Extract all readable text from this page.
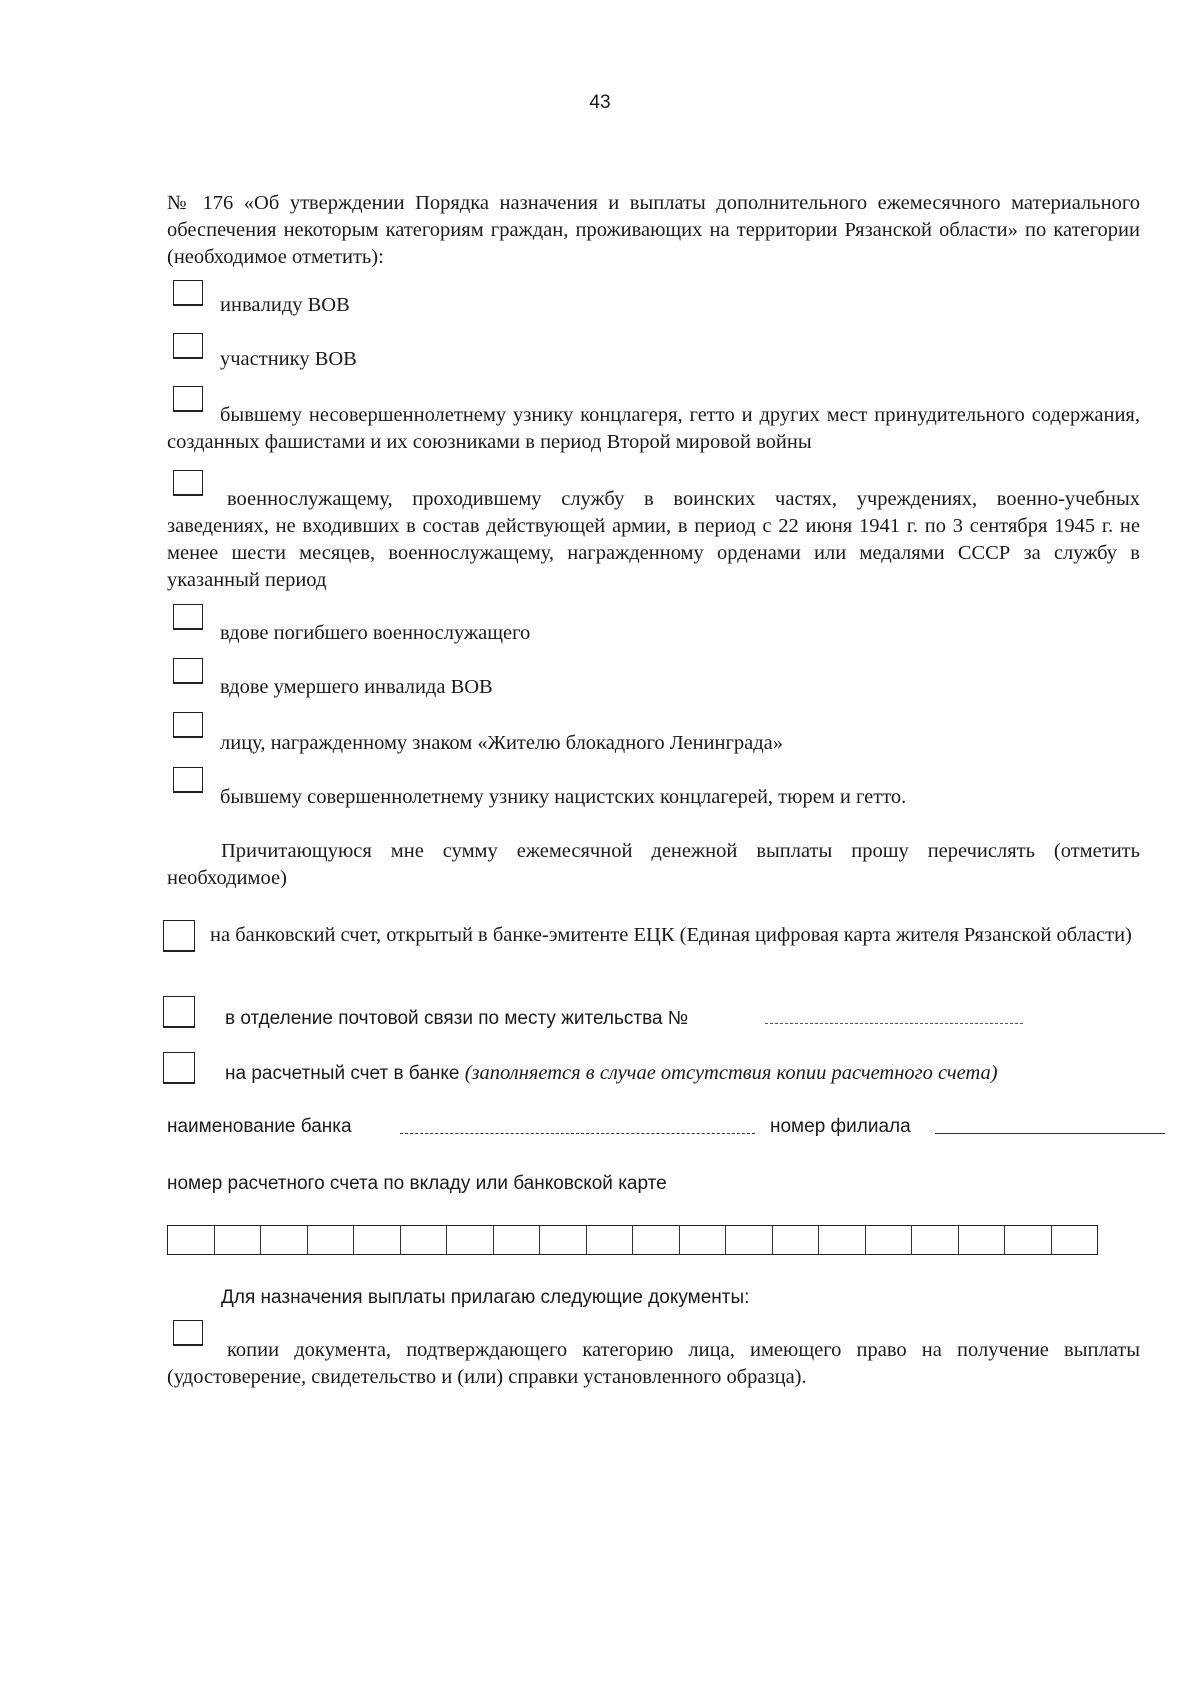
43
№ 176 «Об утверждении Порядка назначения и выплаты дополнительного ежемесячного материального обеспечения некоторым категориям граждан, проживающих на территории Рязанской области» по категории (необходимое отметить):
инвалиду ВОВ
участнику ВОВ
бывшему несовершеннолетнему узнику концлагеря, гетто и других мест принудительного содержания, созданных фашистами и их союзниками в период Второй мировой войны
военнослужащему, проходившему службу в воинских частях, учреждениях, военно-учебных заведениях, не входивших в состав действующей армии, в период с 22 июня 1941 г. по 3 сентября 1945 г. не менее шести месяцев, военнослужащему, награжденному орденами или медалями СССР за службу в указанный период
вдове погибшего военнослужащего
вдове умершего инвалида ВОВ
лицу, награжденному знаком «Жителю блокадного Ленинграда»
бывшему совершеннолетнему узнику нацистских концлагерей, тюрем и гетто.
Причитающуюся мне сумму ежемесячной денежной выплаты прошу перечислять (отметить необходимое)
на банковский счет, открытый в банке-эмитенте ЕЦК (Единая цифровая карта жителя Рязанской области)
в отделение почтовой связи по месту жительства №
на расчетный счет в банке (заполняется в случае отсутствия копии расчетного счета)
наименование банка	номер филиала
номер расчетного счета по вкладу или банковской карте
Для назначения выплаты прилагаю следующие документы:
копии документа, подтверждающего категорию лица, имеющего право на получение выплаты (удостоверение, свидетельство и (или) справки установленного образца).
